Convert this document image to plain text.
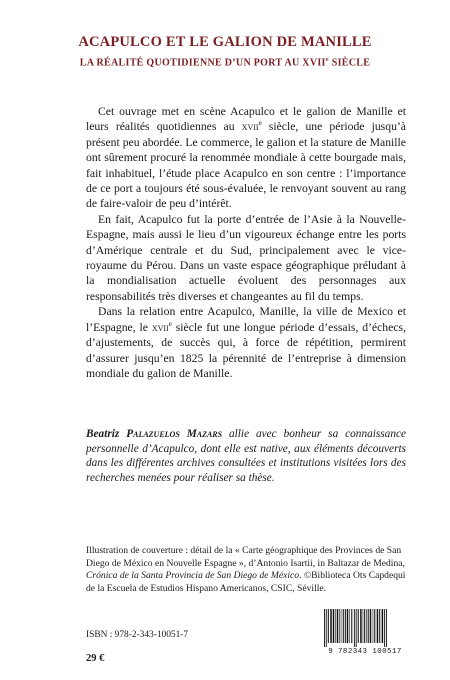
ACAPULCO ET LE GALION DE MANILLE
LA RÉALITÉ QUOTIDIENNE D’UN PORT AU XVIIe SIÈCLE

Cet ouvrage met en scène Acapulco et le galion de Manille et leurs réalités quotidiennes au xvii$^e$ siècle, une période jusqu’à présent peu abordée. Le commerce, le galion et la stature de Manille ont sûrement procuré la renommée mondiale à cette bourgade mais, fait inhabituel, l’étude place Acapulco en son centre : l’importance de ce port a toujours été sous-évaluée, le renvoyant souvent au rang de faire-valoir de peu d’intérêt.

En fait, Acapulco fut la porte d’entrée de l’Asie à la Nouvelle-Espagne, mais aussi le lieu d’un vigoureux échange entre les ports d’Amérique centrale et du Sud, principalement avec le vice-royaume du Pérou. Dans un vaste espace géographique préludant à la mondialisation actuelle évoluent des personnages aux responsabilités très diverses et changeantes au fil du temps.

Dans la relation entre Acapulco, Manille, la ville de Mexico et l’Espagne, le xvii$^e$ siècle fut une longue période d’essais, d’échecs, d’ajustements, de succès qui, à force de répétition, permirent d’assurer jusqu’en 1825 la pérennité de l’entreprise à dimension mondiale du galion de Manille.

Beatriz Palazuelos Mazars allie avec bonheur sa connaissance personnelle d’Acapulco, dont elle est native, aux éléments découverts dans les différentes archives consultées et institutions visitées lors des recherches menées pour réaliser sa thèse.
Illustration de couverture : détail de la « Carte géographique des Provinces de San Diego de México en Nouvelle Espagne », d’Antonio Isartii, in Baltazar de Medina, Crónica de la Santa Provincia de San Diego de México. ©Biblioteca Ots Capdequi de la Escuela de Estudios Hispano Americanos, CSIC, Séville.
ISBN : 978-2-343-10051-7
29 €
9 782343 100517
